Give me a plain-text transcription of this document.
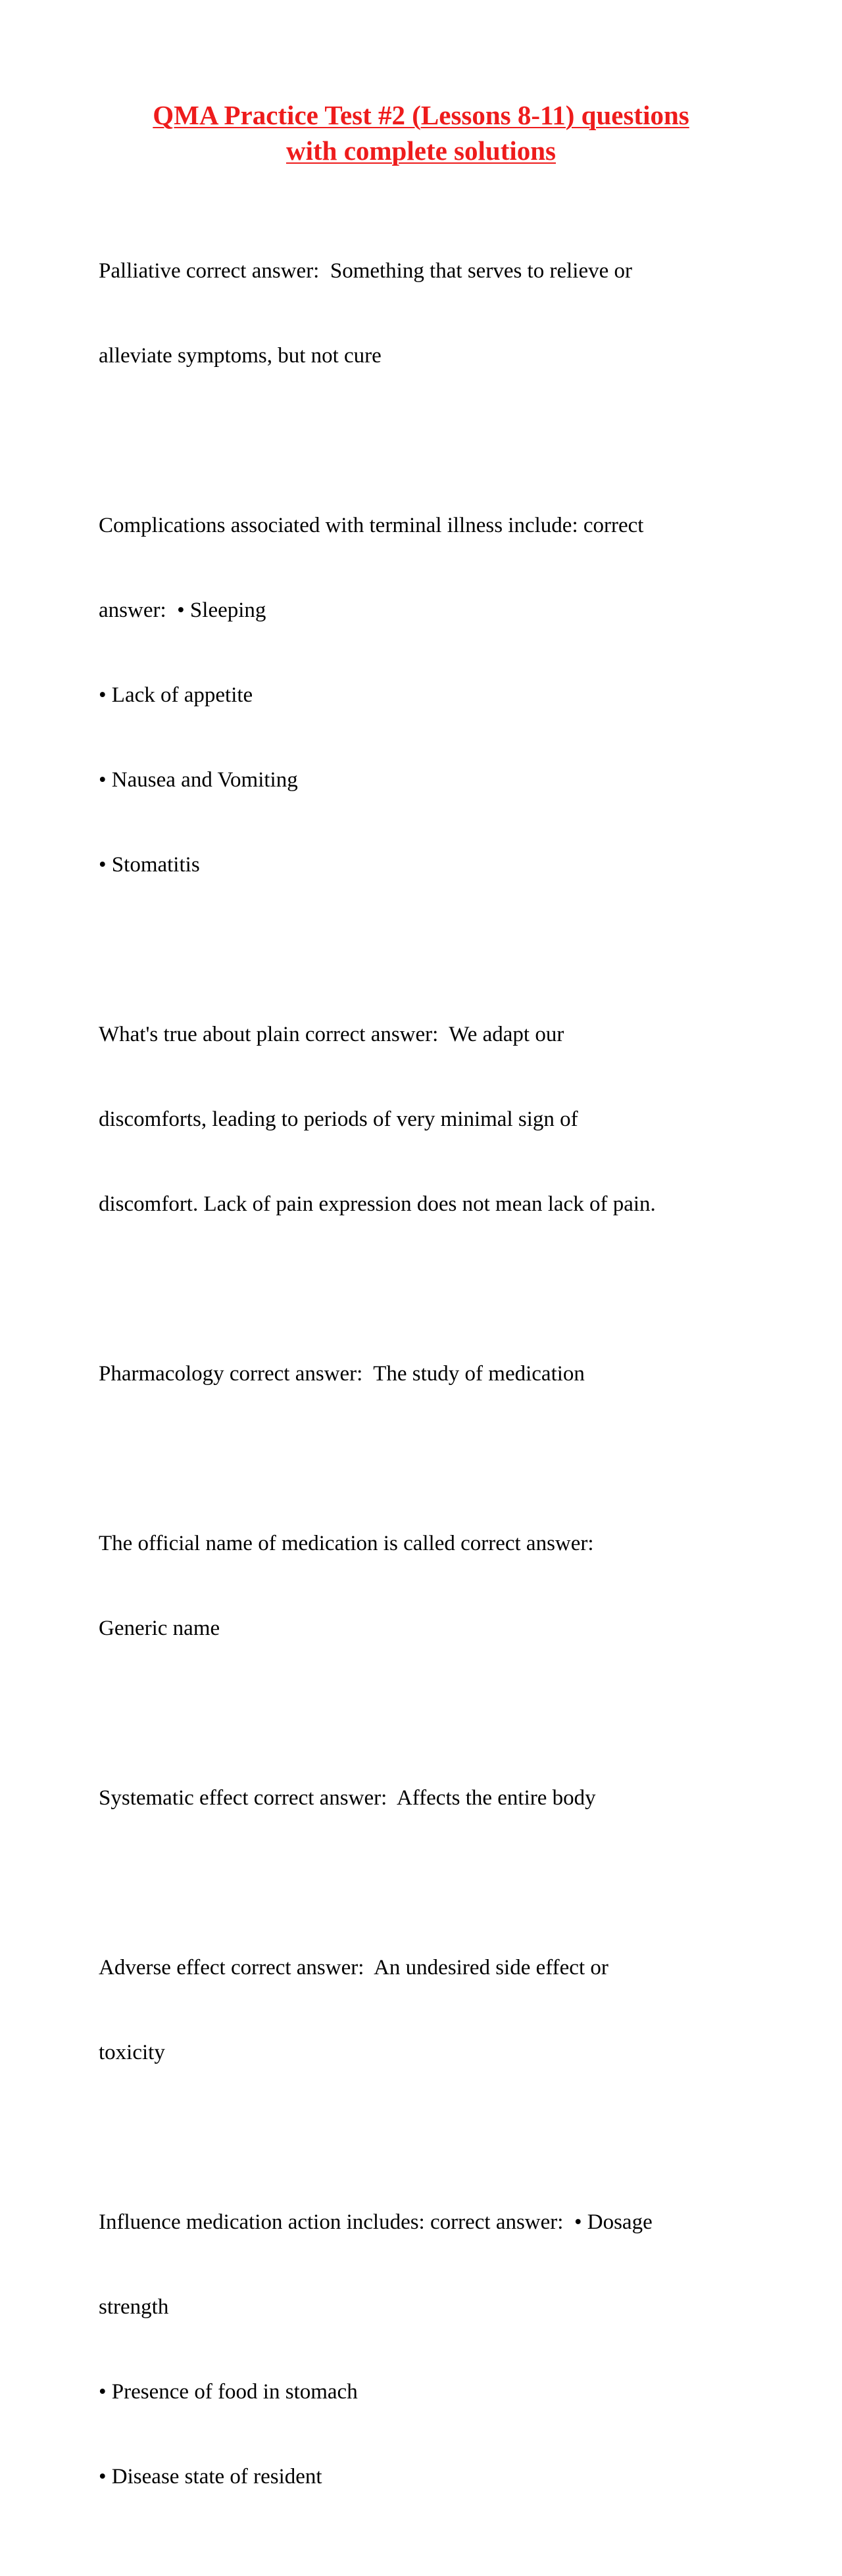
QMA Practice Test #2 (Lessons 8-11) questions
with complete solutions

Palliative correct answer:  Something that serves to relieve or

alleviate symptoms, but not cure

Complications associated with terminal illness include: correct

answer:  • Sleeping

• Lack of appetite

• Nausea and Vomiting

• Stomatitis

What's true about plain correct answer:  We adapt our

discomforts, leading to periods of very minimal sign of

discomfort. Lack of pain expression does not mean lack of pain.

Pharmacology correct answer:  The study of medication

The official name of medication is called correct answer:

Generic name

Systematic effect correct answer:  Affects the entire body

Adverse effect correct answer:  An undesired side effect or

toxicity

Influence medication action includes: correct answer:  • Dosage

strength

• Presence of food in stomach

• Disease state of resident
